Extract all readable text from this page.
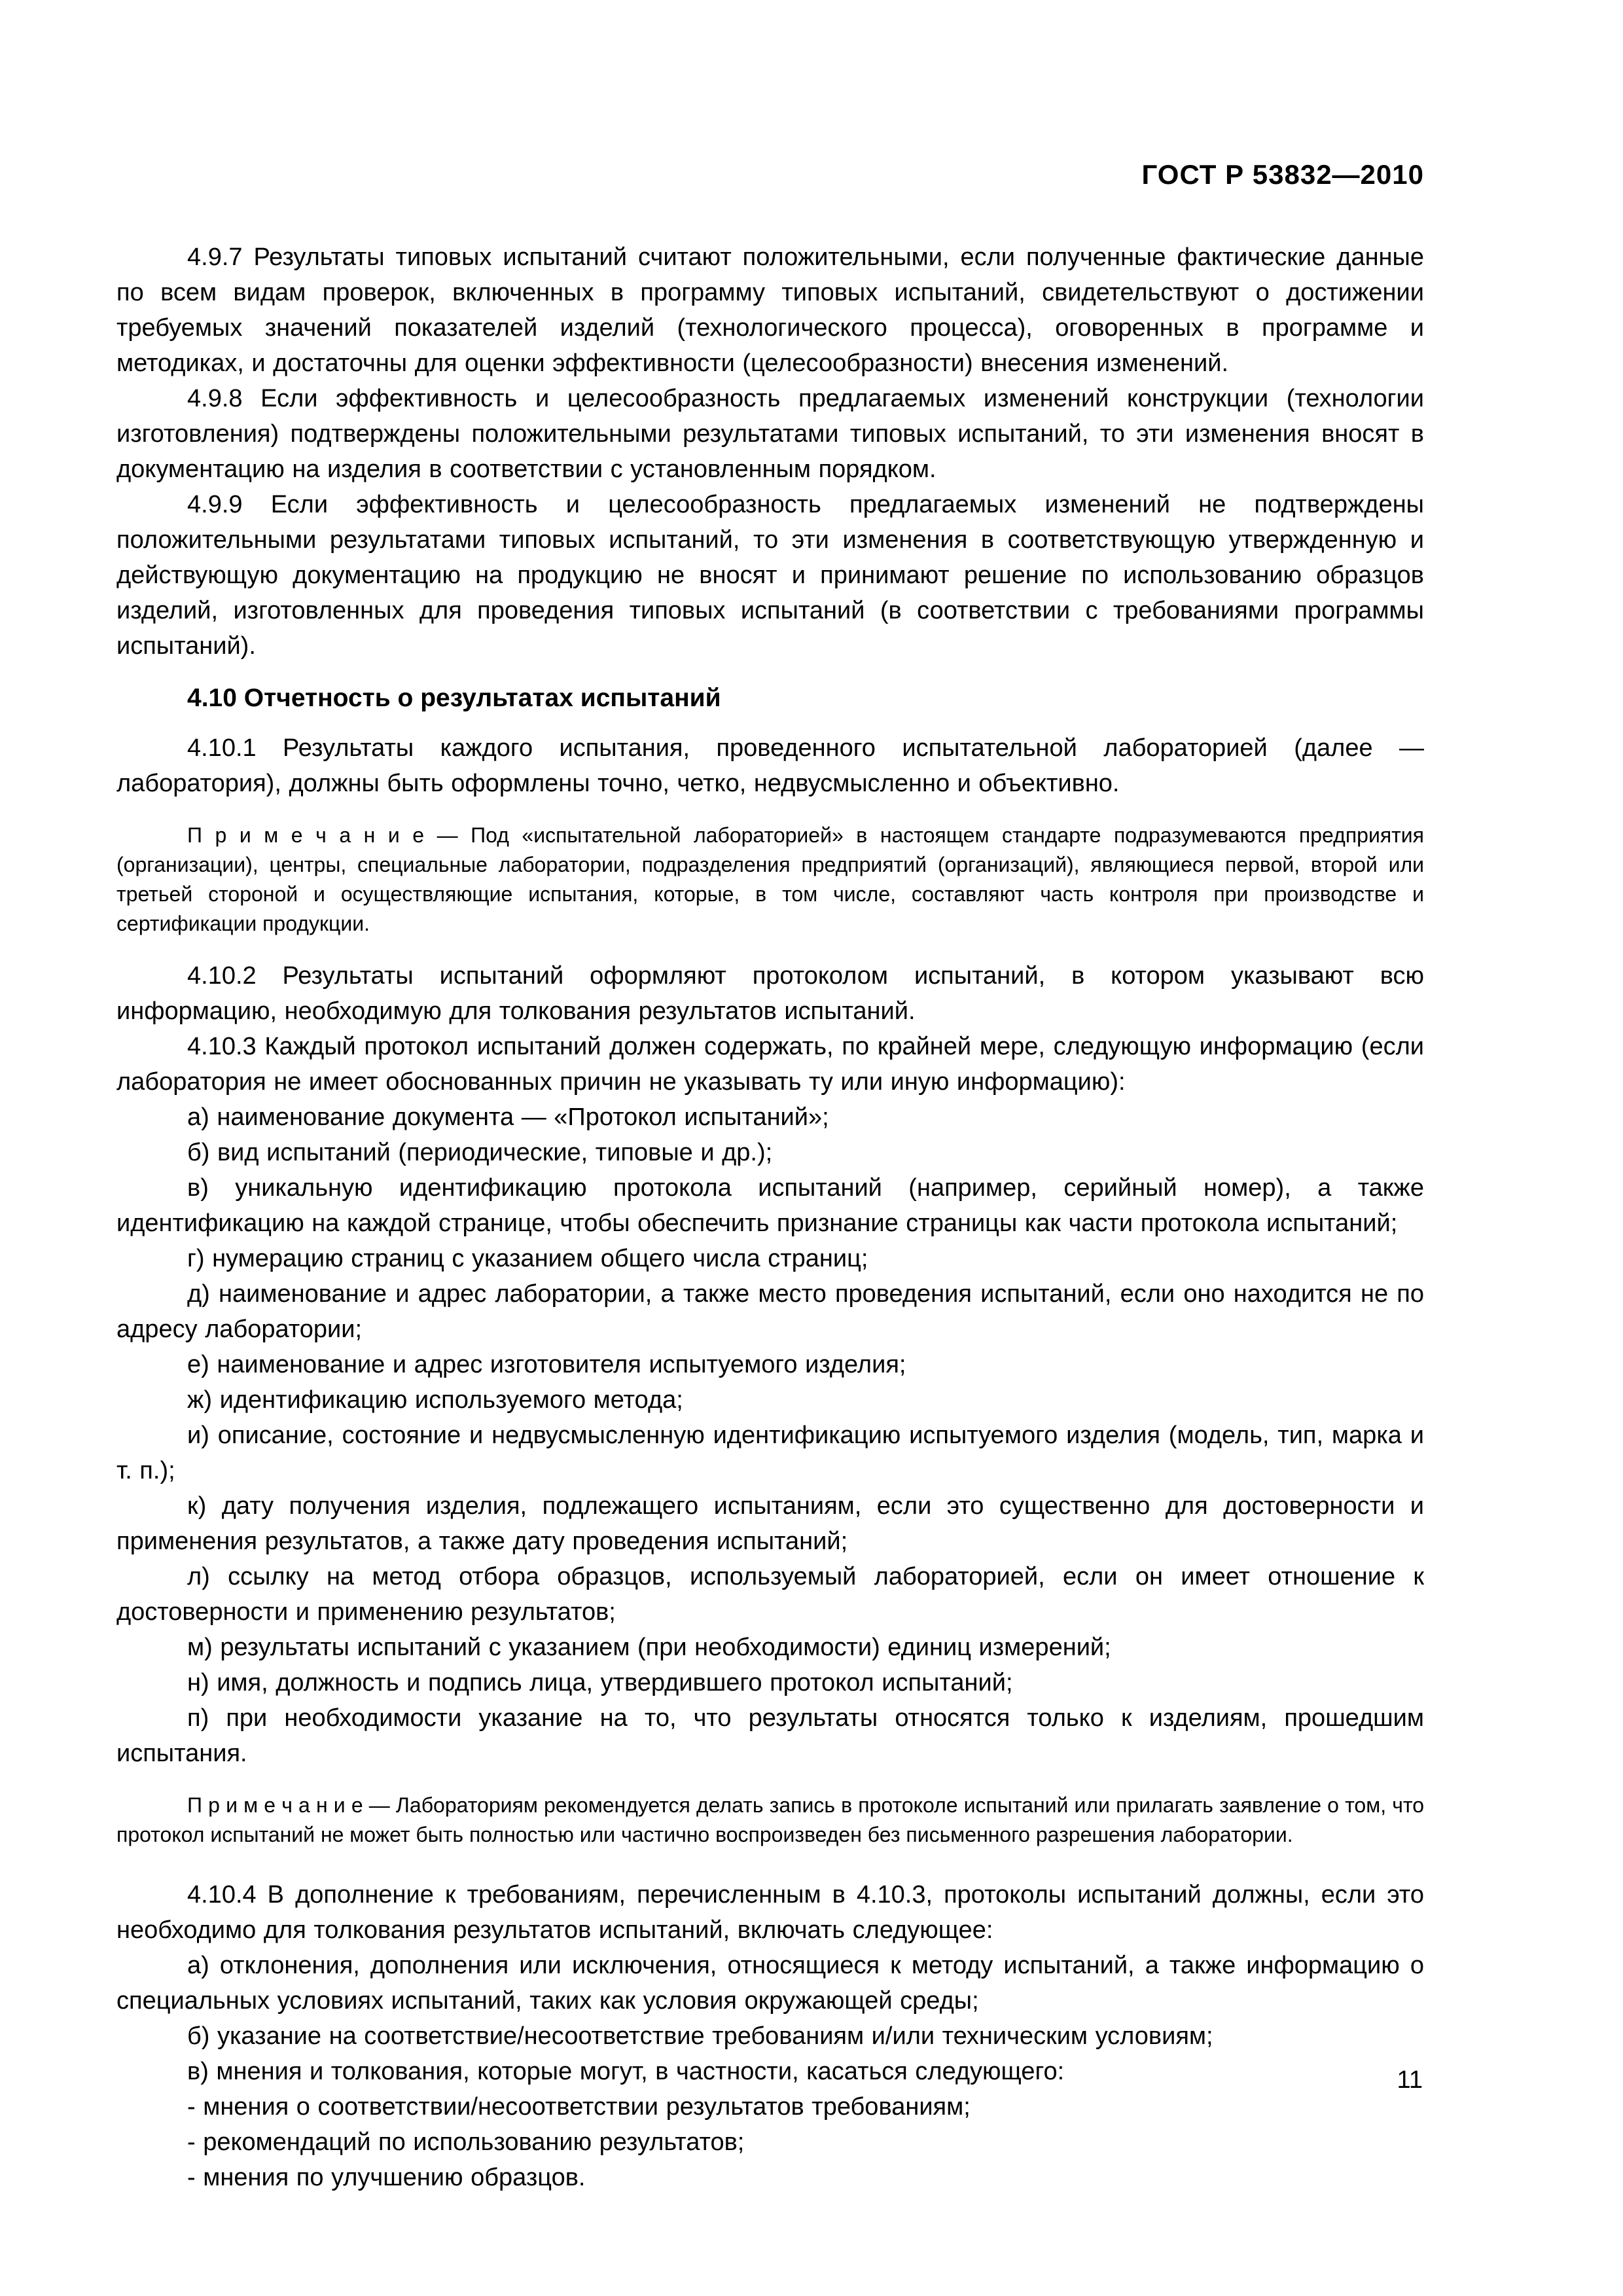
ГОСТ Р 53832—2010

4.9.7 Результаты типовых испытаний считают положительными, если полученные фактические данные по всем видам проверок, включенных в программу типовых испытаний, свидетельствуют о достижении требуемых значений показателей изделий (технологического процесса), оговоренных в программе и методиках, и достаточны для оценки эффективности (целесообразности) внесения изменений.

4.9.8 Если эффективность и целесообразность предлагаемых изменений конструкции (технологии изготовления) подтверждены положительными результатами типовых испытаний, то эти изменения вносят в документацию на изделия в соответствии с установленным порядком.

4.9.9 Если эффективность и целесообразность предлагаемых изменений не подтверждены положительными результатами типовых испытаний, то эти изменения в соответствующую утвержденную и действующую документацию на продукцию не вносят и принимают решение по использованию образцов изделий, изготовленных для проведения типовых испытаний (в соответствии с требованиями программы испытаний).

4.10 Отчетность о результатах испытаний

4.10.1 Результаты каждого испытания, проведенного испытательной лабораторией (далее — лаборатория), должны быть оформлены точно, четко, недвусмысленно и объективно.

П р и м е ч а н и е — Под «испытательной лабораторией» в настоящем стандарте подразумеваются предприятия (организации), центры, специальные лаборатории, подразделения предприятий (организаций), являющиеся первой, второй или третьей стороной и осуществляющие испытания, которые, в том числе, составляют часть контроля при производстве и сертификации продукции.

4.10.2 Результаты испытаний оформляют протоколом испытаний, в котором указывают всю информацию, необходимую для толкования результатов испытаний.

4.10.3 Каждый протокол испытаний должен содержать, по крайней мере, следующую информацию (если лаборатория не имеет обоснованных причин не указывать ту или иную информацию):

а) наименование документа — «Протокол испытаний»;

б) вид испытаний (периодические, типовые и др.);

в) уникальную идентификацию протокола испытаний (например, серийный номер), а также идентификацию на каждой странице, чтобы обеспечить признание страницы как части протокола испытаний;

г) нумерацию страниц с указанием общего числа страниц;

д) наименование и адрес лаборатории, а также место проведения испытаний, если оно находится не по адресу лаборатории;

е) наименование и адрес изготовителя испытуемого изделия;

ж) идентификацию используемого метода;

и) описание, состояние и недвусмысленную идентификацию испытуемого изделия (модель, тип, марка и т. п.);

к) дату получения изделия, подлежащего испытаниям, если это существенно для достоверности и применения результатов, а также дату проведения испытаний;

л) ссылку на метод отбора образцов, используемый лабораторией, если он имеет отношение к достоверности и применению результатов;

м) результаты испытаний с указанием (при необходимости) единиц измерений;

н) имя, должность и подпись лица, утвердившего протокол испытаний;

п) при необходимости указание на то, что результаты относятся только к изделиям, прошедшим испытания.

П р и м е ч а н и е — Лабораториям рекомендуется делать запись в протоколе испытаний или прилагать заявление о том, что протокол испытаний не может быть полностью или частично воспроизведен без письменного разрешения лаборатории.

4.10.4 В дополнение к требованиям, перечисленным в 4.10.3, протоколы испытаний должны, если это необходимо для толкования результатов испытаний, включать следующее:

а) отклонения, дополнения или исключения, относящиеся к методу испытаний, а также информацию о специальных условиях испытаний, таких как условия окружающей среды;

б) указание на соответствие/несоответствие требованиям и/или техническим условиям;

в) мнения и толкования, которые могут, в частности, касаться следующего:

- мнения о соответствии/несоответствии результатов требованиям;

- рекомендаций по использованию результатов;

- мнения по улучшению образцов.

11
